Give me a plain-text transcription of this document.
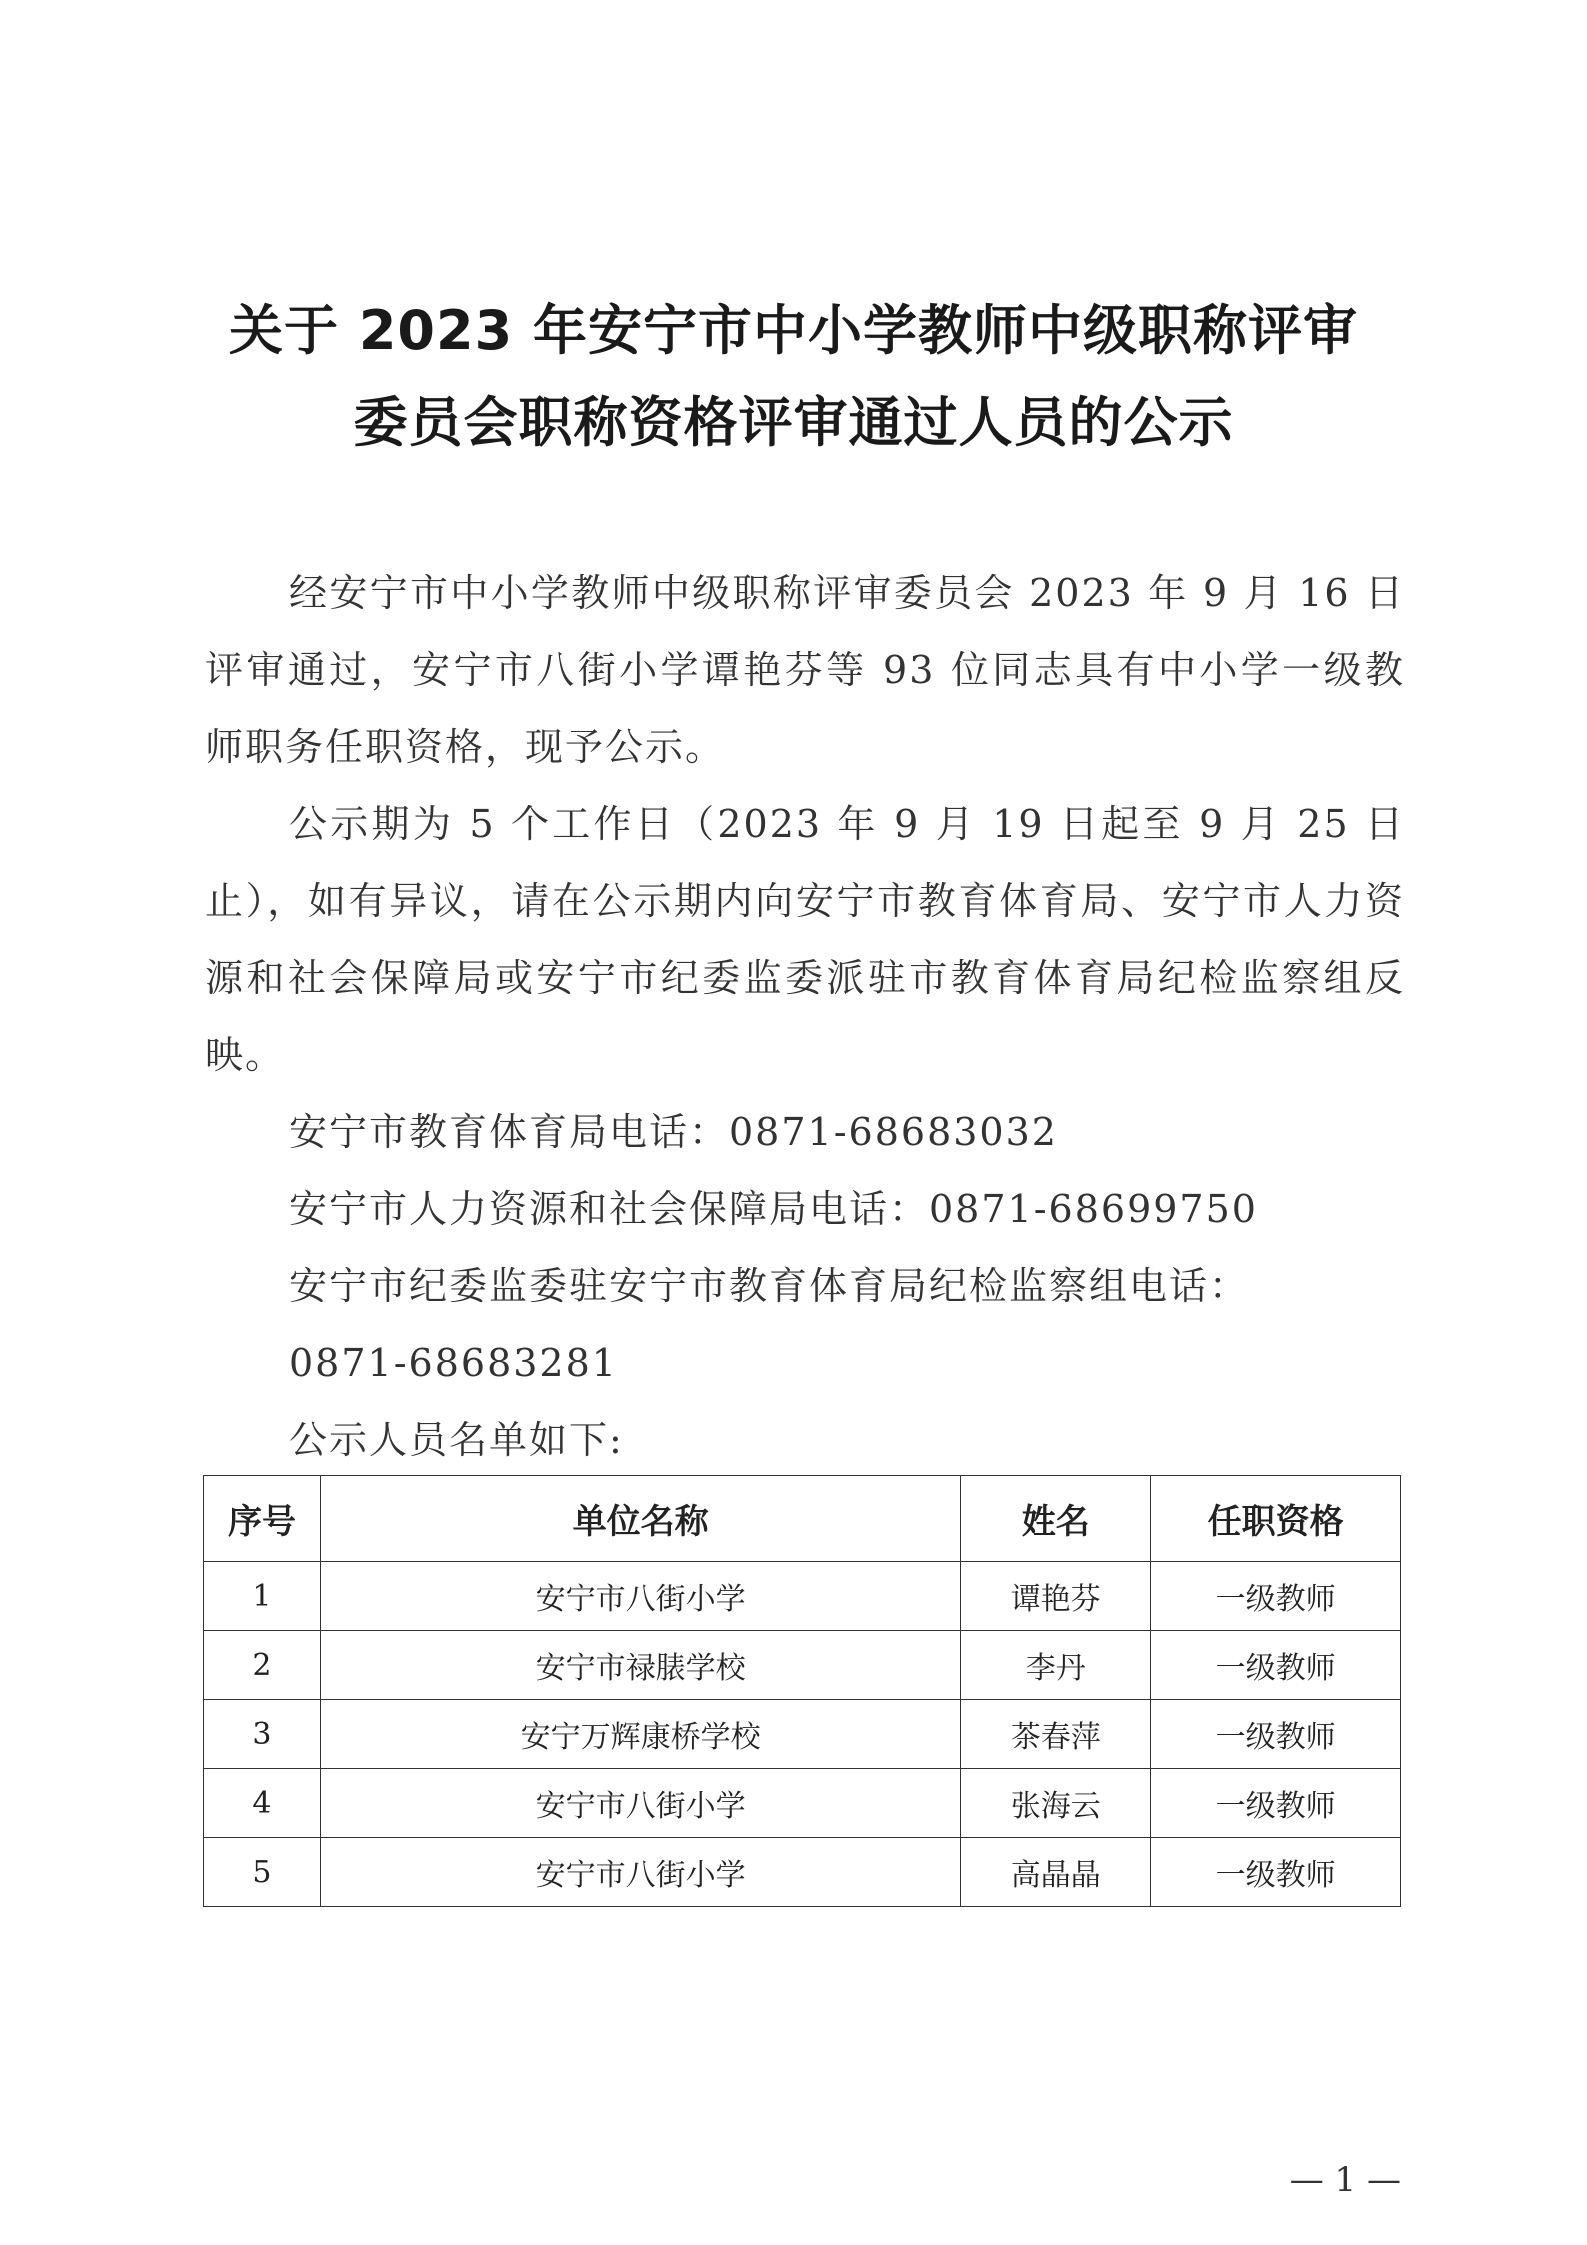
关于 2023 年安宁市中小学教师中级职称评审
委员会职称资格评审通过人员的公示

经安宁市中小学教师中级职称评审委员会 2023 年 9 月 16 日评审通过，安宁市八街小学谭艳芬等 93 位同志具有中小学一级教师职务任职资格，现予公示。

公示期为 5 个工作日（2023 年 9 月 19 日起至 9 月 25 日止），如有异议，请在公示期内向安宁市教育体育局、安宁市人力资源和社会保障局或安宁市纪委监委派驻市教育体育局纪检监察组反映。

安宁市教育体育局电话：0871-68683032

安宁市人力资源和社会保障局电话：0871-68699750

安宁市纪委监委驻安宁市教育体育局纪检监察组电话：

0871-68683281

公示人员名单如下:

序号	单位名称	姓名	任职资格
1	安宁市八街小学	谭艳芬	一级教师
2	安宁市禄脿学校	李丹	一级教师
3	安宁万辉康桥学校	茶春萍	一级教师
4	安宁市八街小学	张海云	一级教师
5	安宁市八街小学	高晶晶	一级教师
— 1 —
